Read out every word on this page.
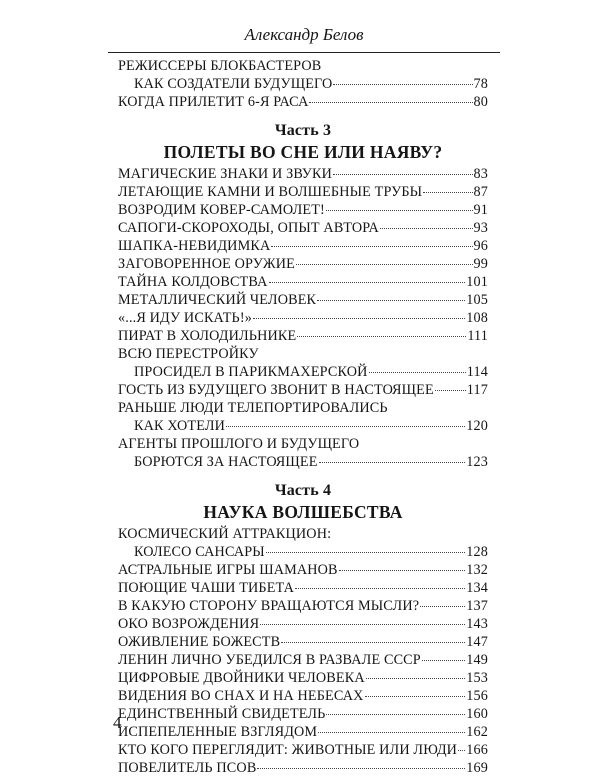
Александр Белов
РЕЖИССЕРЫ БЛОКБАСТЕРОВ
КАК СОЗДАТЕЛИ БУДУЩЕГО	78
КОГДА ПРИЛЕТИТ 6-Я РАСА	80
Часть 3
ПОЛЕТЫ ВО СНЕ ИЛИ НАЯВУ?
МАГИЧЕСКИЕ ЗНАКИ И ЗВУКИ	83
ЛЕТАЮЩИЕ КАМНИ И ВОЛШЕБНЫЕ ТРУБЫ	87
ВОЗРОДИМ КОВЕР-САМОЛЕТ!	91
САПОГИ-СКОРОХОДЫ, ОПЫТ АВТОРА	93
ШАПКА-НЕВИДИМКА	96
ЗАГОВОРЕННОЕ ОРУЖИЕ	99
ТАЙНА КОЛДОВСТВА	101
МЕТАЛЛИЧЕСКИЙ ЧЕЛОВЕК	105
«...Я ИДУ ИСКАТЬ!»	108
ПИРАТ В ХОЛОДИЛЬНИКЕ	111
ВСЮ ПЕРЕСТРОЙКУ
ПРОСИДЕЛ В ПАРИКМАХЕРСКОЙ	114
ГОСТЬ ИЗ БУДУЩЕГО ЗВОНИТ В НАСТОЯЩЕЕ 117
РАНЬШЕ ЛЮДИ ТЕЛЕПОРТИРОВАЛИСЬ
КАК ХОТЕЛИ	120
АГЕНТЫ ПРОШЛОГО И БУДУЩЕГО
БОРЮТСЯ ЗА НАСТОЯЩЕЕ	123
Часть 4
НАУКА ВОЛШЕБСТВА
КОСМИЧЕСКИЙ АТТРАКЦИОН:
КОЛЕСО САНСАРЫ	128
АСТРАЛЬНЫЕ ИГРЫ ШАМАНОВ	132
ПОЮЩИЕ ЧАШИ ТИБЕТА	134
В КАКУЮ СТОРОНУ ВРАЩАЮТСЯ МЫСЛИ?	137
ОКО ВОЗРОЖДЕНИЯ	143
ОЖИВЛЕНИЕ БОЖЕСТВ	147
ЛЕНИН ЛИЧНО УБЕДИЛСЯ В РАЗВАЛЕ СССР	149
ЦИФРОВЫЕ ДВОЙНИКИ ЧЕЛОВЕКА	153
ВИДЕНИЯ ВО СНАХ И НА НЕБЕСАХ	156
ЕДИНСТВЕННЫЙ СВИДЕТЕЛЬ	160
ИСПЕПЕЛЕННЫЕ ВЗГЛЯДОМ	162
КТО КОГО ПЕРЕГЛЯДИТ: ЖИВОТНЫЕ ИЛИ ЛЮДИ 166
ПОВЕЛИТЕЛЬ ПСОВ	169
4
